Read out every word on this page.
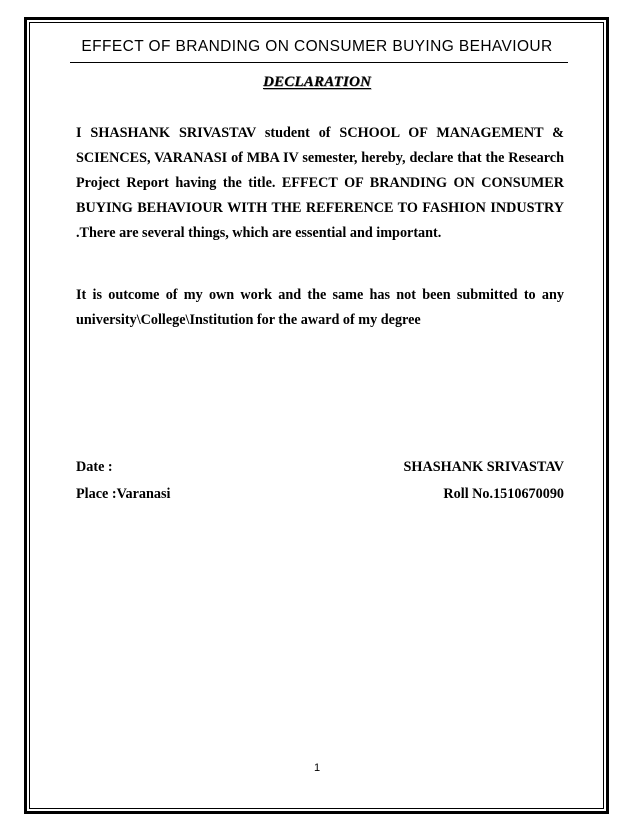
EFFECT OF BRANDING ON CONSUMER BUYING BEHAVIOUR
DECLARATION

I SHASHANK SRIVASTAV student of SCHOOL OF MANAGEMENT & SCIENCES, VARANASI of MBA IV semester, hereby, declare that the Research Project Report having the title. EFFECT OF BRANDING ON CONSUMER BUYING BEHAVIOUR WITH THE REFERENCE TO FASHION INDUSTRY .There are several things, which are essential and important.

It is outcome of my own work and the same has not been submitted to any university\College\Institution for the award of my degree

Date :
Place :Varanasi
SHASHANK SRIVASTAV
Roll No.1510670090
1
